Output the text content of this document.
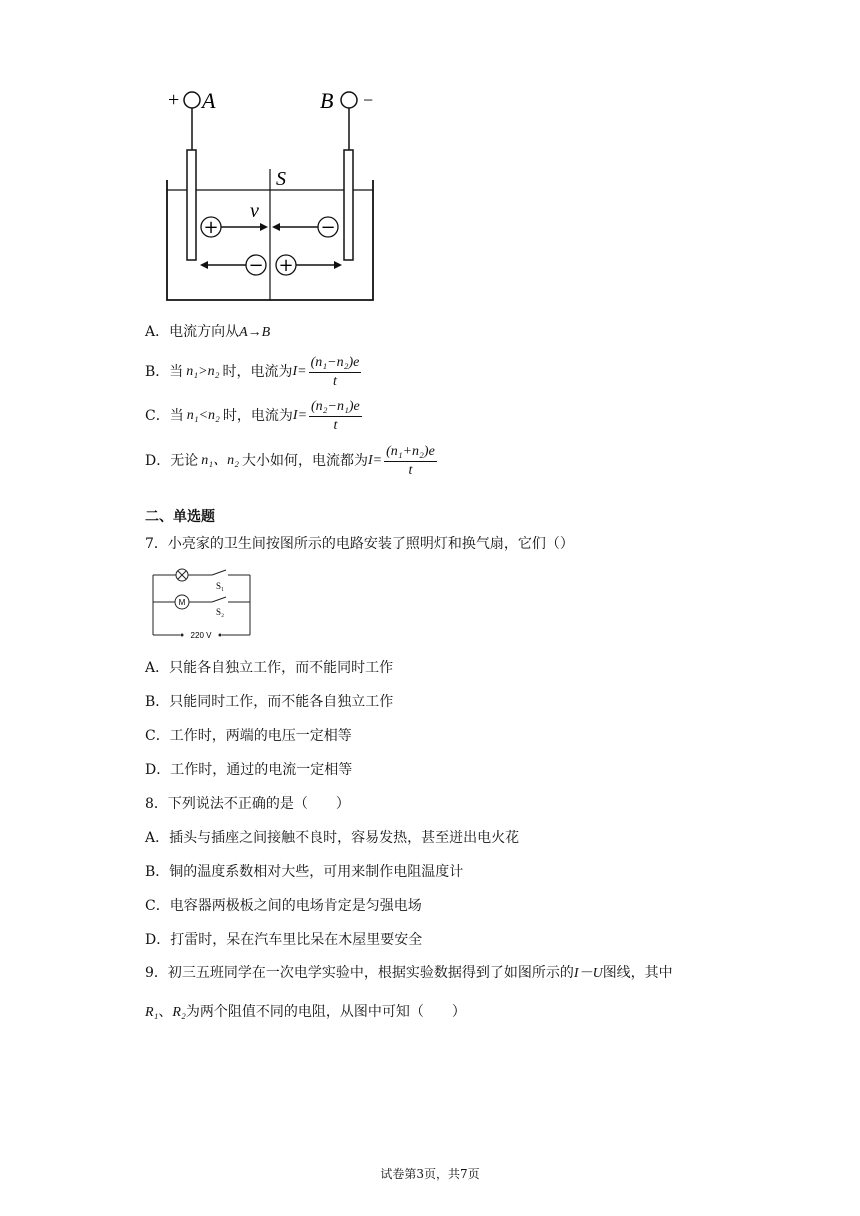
+ A	B −
S
v
+	−
− +
A．电流方向从A→B
B．当 n₁>n₂ 时，电流为 $I= \frac{\text{(n₁−n₂)e}}{t}$
C．当 n₁<n₂ 时，电流为 $I= \frac{\text{(n₂−n₁)e}}{t}$
D．无论 n₁、n₂ 大小如何，电流都为 $I= \frac{\text{(n₁+n₂)e}}{t}$
二、单选题
7．小亮家的卫生间按图所示的电路安装了照明灯和换气扇，它们（）
S₁
M
S₂
220 V
A．只能各自独立工作，而不能同时工作
B．只能同时工作，而不能各自独立工作
C．工作时，两端的电压一定相等
D．工作时，通过的电流一定相等
8．下列说法不正确的是（　　）
A．插头与插座之间接触不良时，容易发热，甚至迸出电火花
B．铜的温度系数相对大些，可用来制作电阻温度计
C．电容器两极板之间的电场肯定是匀强电场
D．打雷时，呆在汽车里比呆在木屋里要安全
9．初三五班同学在一次电学实验中，根据实验数据得到了如图所示的I－U图线，其中
R₁、R₂为两个阻值不同的电阻，从图中可知（　　）
试卷第3页，共7页
